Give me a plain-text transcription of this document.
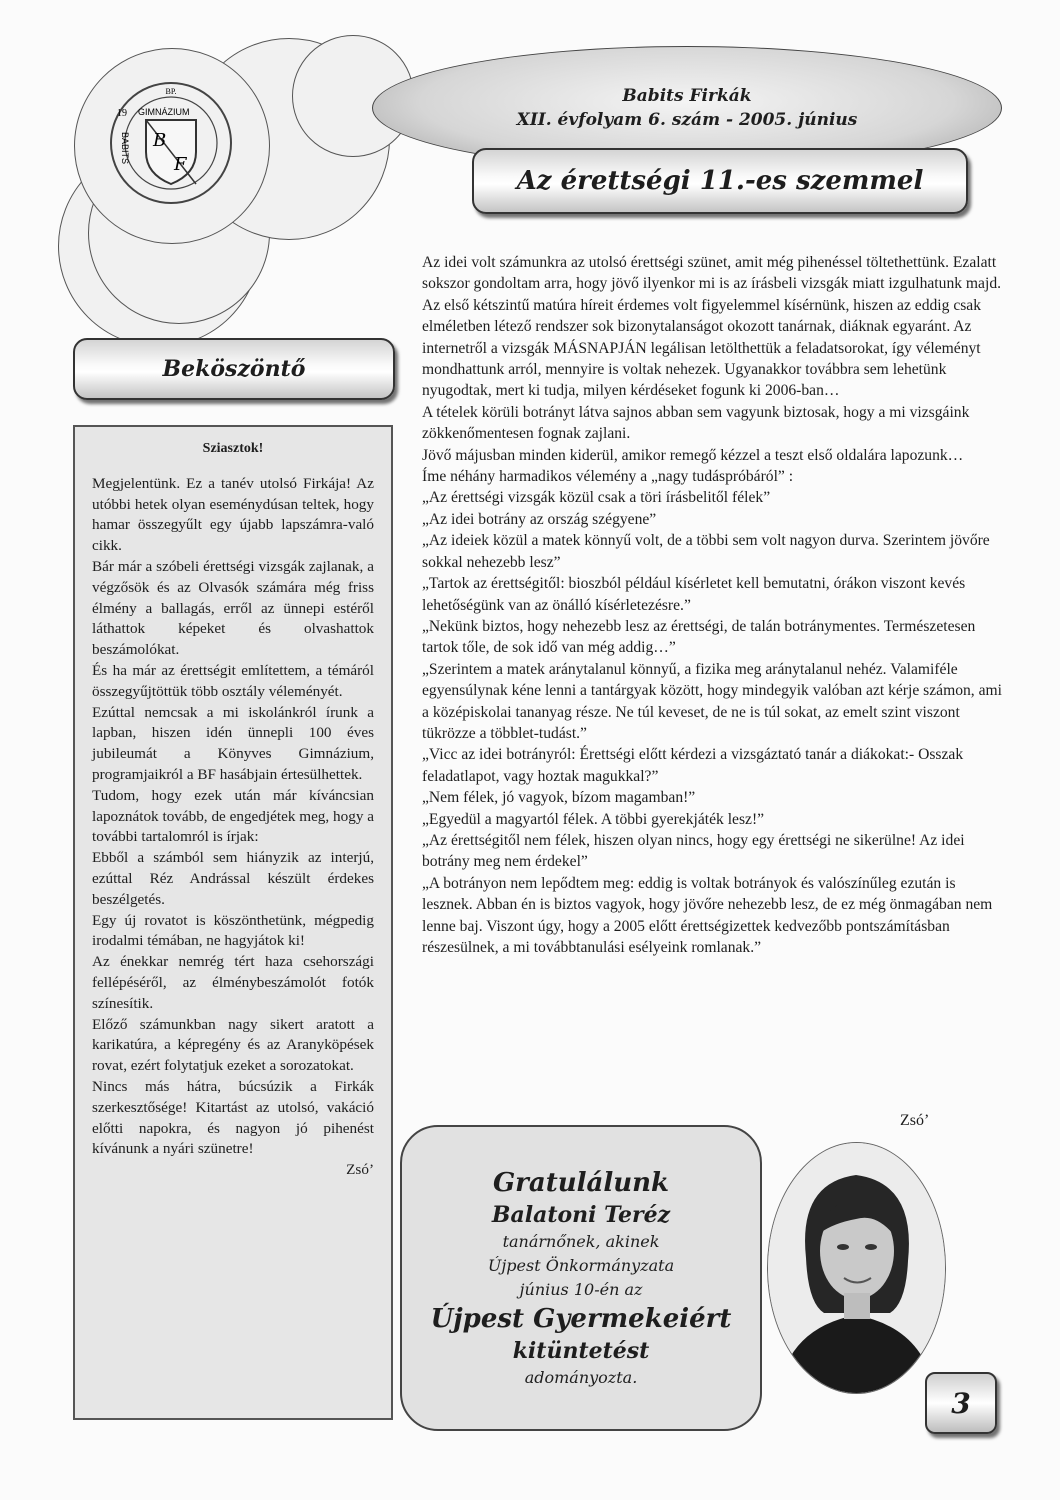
BP.
19 GIMNÁZIUM
BABITS B
F
Babits Firkák
XII. évfolyam 6. szám - 2005. június
Az érettségi 11.-es szemmel
Beköszöntő
Sziasztok!

Megjelentünk. Ez a tanév utolsó Firkája! Az utóbbi hetek olyan eseménydúsan teltek, hogy hamar összegyűlt egy újabb lapszámra-való cikk.

Bár már a szóbeli érettségi vizsgák zajlanak, a végzősök és az Olvasók számára még friss élmény a ballagás, erről az ünnepi estéről láthattok képeket és olvashattok beszámolókat.

És ha már az érettségit említettem, a témáról összegyűjtöttük több osztály véleményét.

Ezúttal nemcsak a mi iskolánkról írunk a lapban, hiszen idén ünnepli 100 éves jubileumát a Könyves Gimnázium, programjaikról a BF hasábjain értesülhettek.

Tudom, hogy ezek után már kíváncsian lapoznátok tovább, de engedjétek meg, hogy a további tartalomról is írjak:

Ebből a számból sem hiányzik az interjú, ezúttal Réz Andrással készült érdekes beszélgetés.

Egy új rovatot is köszönthetünk, mégpedig irodalmi témában, ne hagyjátok ki!

Az énekkar nemrég tért haza csehországi fellépéséről, az élménybeszámolót fotók színesítik.

Előző számunkban nagy sikert aratott a karikatúra, a képregény és az Aranyköpések rovat, ezért folytatjuk ezeket a sorozatokat.

Nincs más hátra, búcsúzik a Firkák szerkesztősége! Kitartást az utolsó, vakáció előtti napokra, és nagyon jó pihenést kívánunk a nyári szünetre!

Zsó’

Az idei volt számunkra az utolsó érettségi szünet, amit még pihenéssel töltethettünk. Ezalatt sokszor gondoltam arra, hogy jövő ilyenkor mi is az írásbeli vizsgák miatt izgulhatunk majd. Az első kétszintű matúra híreit érdemes volt figyelemmel kísérnünk, hiszen az eddig csak elméletben létező rendszer sok bizonytalanságot okozott tanárnak, diáknak egyaránt. Az internetről a vizsgák MÁSNAPJÁN legálisan letölthettük a feladatsorokat, így véleményt mondhattunk arról, mennyire is voltak nehezek. Ugyanakkor továbbra sem lehetünk nyugodtak, mert ki tudja, milyen kérdéseket fogunk ki 2006-ban…

A tételek körüli botrányt látva sajnos abban sem vagyunk biztosak, hogy a mi vizsgáink zökkenőmentesen fognak zajlani.

Jövő májusban minden kiderül, amikor remegő kézzel a teszt első oldalára lapozunk…

Íme néhány harmadikos vélemény a „nagy tudáspróbáról” :

„Az érettségi vizsgák közül csak a töri írásbelitől félek”

„Az idei botrány az ország szégyene”

„Az ideiek közül a matek könnyű volt, de a többi sem volt nagyon durva. Szerintem jövőre sokkal nehezebb lesz”

„Tartok az érettségitől: bioszból például kísérletet kell bemutatni, órákon viszont kevés lehetőségünk van az önálló kísérletezésre.”

„Nekünk biztos, hogy nehezebb lesz az érettségi, de talán botránymentes. Természetesen tartok tőle, de sok idő van még addig…”

„Szerintem a matek aránytalanul könnyű, a fizika meg aránytalanul nehéz. Valamiféle egyensúlynak kéne lenni a tantárgyak között, hogy mindegyik valóban azt kérje számon, ami a középiskolai tananyag része. Ne túl keveset, de ne is túl sokat, az emelt szint viszont tükrözze a többlet-tudást.”

„Vicc az idei botrányról: Érettségi előtt kérdezi a vizsgáztató tanár a diákokat:- Osszak feladatlapot, vagy hoztak magukkal?”

„Nem félek, jó vagyok, bízom magamban!”

„Egyedül a magyartól félek. A többi gyerekjáték lesz!”

„Az érettségitől nem félek, hiszen olyan nincs, hogy egy érettségi ne sikerülne! Az idei botrány meg nem érdekel”

„A botrányon nem lepődtem meg: eddig is voltak botrányok és valószínűleg ezután is lesznek. Abban én is biztos vagyok, hogy jövőre nehezebb lesz, de ez még önmagában nem lenne baj. Viszont úgy, hogy a 2005 előtt érettségizettek kedvezőbb pontszámításban részesülnek, a mi továbbtanulási esélyeink romlanak.”

Zsó’
Gratulálunk
Balatoni Teréz
tanárnőnek, akinek
Újpest Önkormányzata
június 10-én az
Újpest Gyermekeiért
kitüntetést
adományozta.
3
